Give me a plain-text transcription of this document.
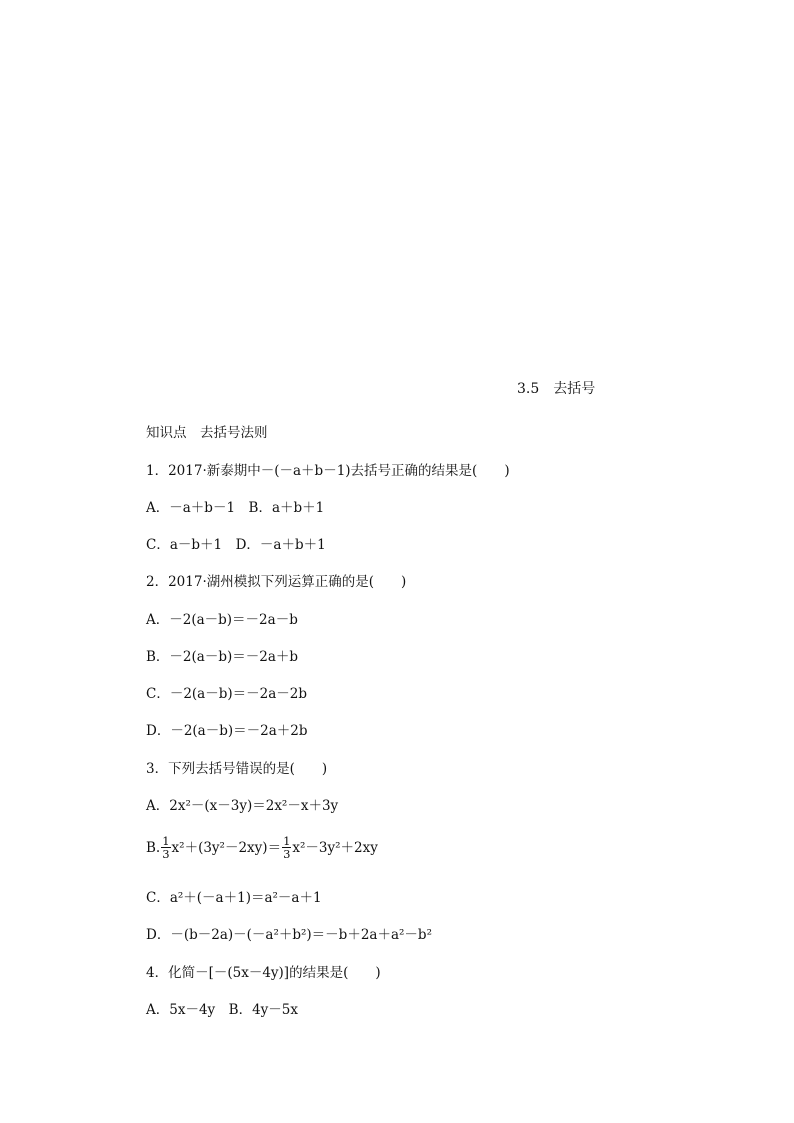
3.5 去括号
知识点　去括号法则
1．2017·新泰期中－(－a＋b－1)去括号正确的结果是(　　)
A．－a＋b－1　B．a＋b＋1
C．a－b＋1　D．－a＋b＋1
2．2017·湖州模拟下列运算正确的是(　　)
A．－2(a－b)＝－2a－b
B．－2(a－b)＝－2a＋b
C．－2(a－b)＝－2a－2b
D．－2(a－b)＝－2a＋2b
3．下列去括号错误的是(　　)
A．2x²－(x－3y)＝2x²－x＋3y
B. $\frac{1}{3} x^2+(3y^2-2xy)= \frac{1}{3} x^2-3y^2+2xy$
C．a²＋(－a＋1)＝a²－a＋1
D．－(b－2a)－(－a²＋b²)＝－b＋2a＋a²－b²
4．化简－[－(5x－4y)]的结果是(　　)
A．5x－4y　B．4y－5x
